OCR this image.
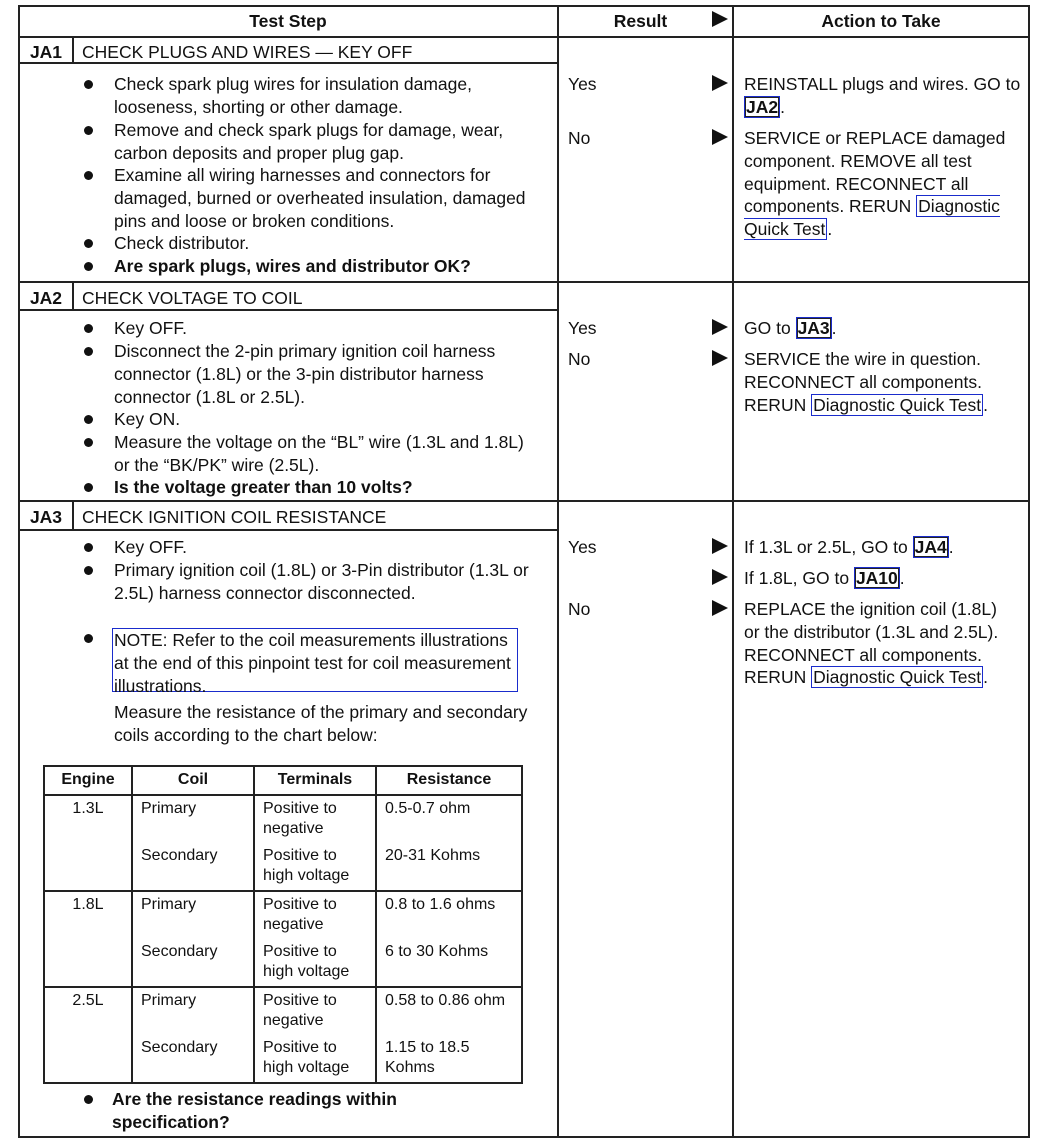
Test Step	Result	Action to Take
JA1	CHECK PLUGS AND WIRES — KEY OFF
Check spark plug wires for insulation damage, looseness, shorting or other damage.
Remove and check spark plugs for damage, wear, carbon deposits and proper plug gap.
Examine all wiring harnesses and connectors for damaged, burned or overheated insulation, damaged pins and loose or broken conditions.
Check distributor.
Are spark plugs, wires and distributor OK?
Yes	REINSTALL plugs and wires. GO to JA2 .
No	SERVICE or REPLACE damaged component. REMOVE all test equipment. RECONNECT all components. RERUN Diagnostic Quick Test .
JA2	CHECK VOLTAGE TO COIL
Key OFF.
Disconnect the 2-pin primary ignition coil harness connector (1.8L) or the 3-pin distributor harness connector (1.8L or 2.5L).
Key ON.
Measure the voltage on the “BL” wire (1.3L and 1.8L) or the “BK/PK” wire (2.5L).
Is the voltage greater than 10 volts?
Yes	GO to JA3 .
No	SERVICE the wire in question. RECONNECT all components. RERUN Diagnostic Quick Test .
JA3	CHECK IGNITION COIL RESISTANCE
Key OFF.
Primary ignition coil (1.8L) or 3-Pin distributor (1.3L or 2.5L) harness connector disconnected.
NOTE: Refer to the coil measurements illustrations at the end of this pinpoint test for coil measurement illustrations.
Measure the resistance of the primary and secondary coils according to the chart below:
Engine	Coil	Terminals	Resistance
1.3L	Primary	Positive to negative	0.5-0.7 ohm
	Secondary	Positive to high voltage	20-31 Kohms
1.8L	Primary	Positive to negative	0.8 to 1.6 ohms
	Secondary	Positive to high voltage	6 to 30 Kohms
2.5L	Primary	Positive to negative	0.58 to 0.86 ohm
	Secondary	Positive to high voltage	1.15 to 18.5 Kohms
Are the resistance readings within specification?
Yes	If 1.3L or 2.5L, GO to JA4 .
If 1.8L, GO to JA10 .
No	REPLACE the ignition coil (1.8L) or the distributor (1.3L and 2.5L). RECONNECT all components. RERUN Diagnostic Quick Test .
